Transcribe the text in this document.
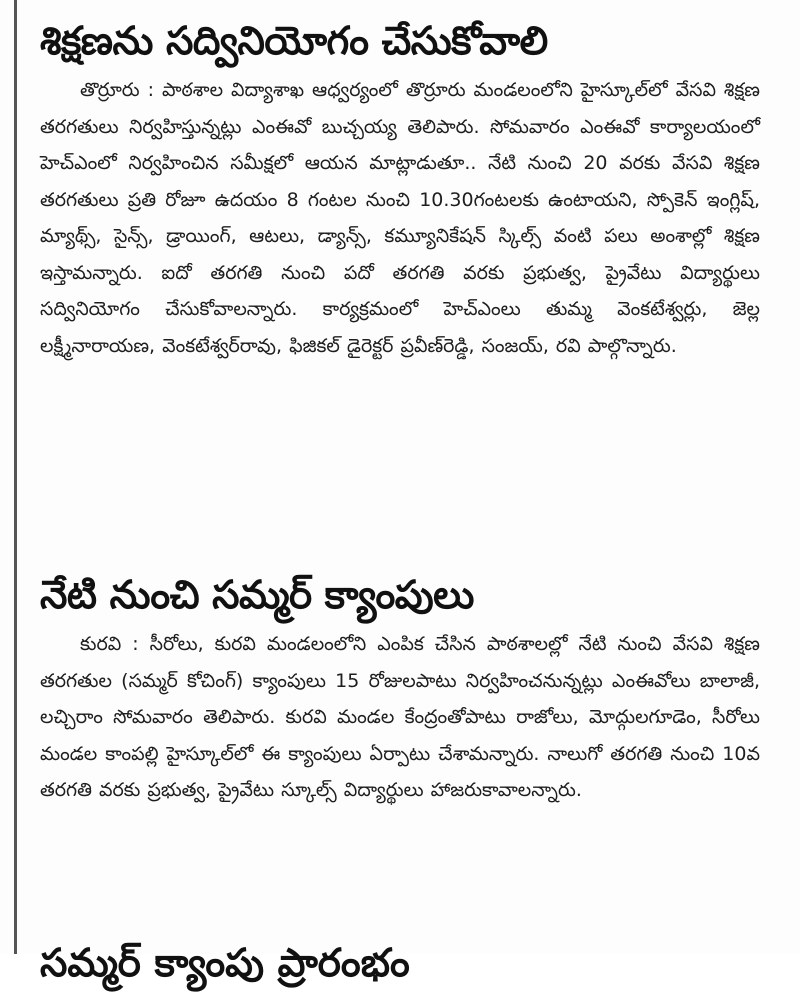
శిక్షణను సద్వినియోగం చేసుకోవాలి

తొర్రూరు : పాఠశాల విద్యాశాఖ ఆధ్వర్యంలో తొర్రూరు మండలంలోని హైస్కూల్‌లో వేసవి శిక్షణ తరగతులు నిర్వహిస్తున్నట్లు ఎంఈవో బుచ్చయ్య తెలిపారు. సోమవారం ఎంఈవో కార్యాలయంలో హెచ్ఎంలో నిర్వహించిన సమీక్షలో ఆయన మాట్లాడుతూ.. నేటి నుంచి 20 వరకు వేసవి శిక్షణ తరగతులు ప్రతి రోజూ ఉదయం 8 గంటల నుంచి 10.30గంటలకు ఉంటాయని, స్పోకెన్ ఇంగ్లిష్, మ్యాథ్స్, సైన్స్, డ్రాయింగ్, ఆటలు, డ్యాన్స్, కమ్యూనికేషన్ స్కిల్స్ వంటి పలు అంశాల్లో శిక్షణ ఇస్తామన్నారు. ఐదో తరగతి నుంచి పదో తరగతి వరకు ప్రభుత్వ, ప్రైవేటు విద్యార్థులు సద్వినియోగం చేసుకోవాలన్నారు. కార్యక్రమంలో హెచ్ఎంలు తుమ్మ వెంకటేశ్వర్లు, జెల్ల లక్ష్మీనారాయణ, వెంకటేశ్వర్‌రావు, ఫిజికల్ డైరెక్టర్ ప్రవీణ్‌రెడ్డి, సంజయ్, రవి పాల్గొన్నారు.

నేటి నుంచి సమ్మర్ క్యాంపులు

కురవి : సీరోలు, కురవి మండలంలోని ఎంపిక చేసిన పాఠశాలల్లో నేటి నుంచి వేసవి శిక్షణ తరగతుల (సమ్మర్ కోచింగ్) క్యాంపులు 15 రోజులపాటు నిర్వహించనున్నట్లు ఎంఈవోలు బాలాజీ, లచ్చిరాం సోమవారం తెలిపారు. కురవి మండల కేంద్రంతోపాటు రాజోలు, మోద్గులగూడెం, సీరోలు మండల కాంపల్లి హైస్కూల్‌లో ఈ క్యాంపులు ఏర్పాటు చేశామన్నారు. నాలుగో తరగతి నుంచి 10వ తరగతి వరకు ప్రభుత్వ, ప్రైవేటు స్కూల్స్ విద్యార్థులు హాజరుకావాలన్నారు.

సమ్మర్ క్యాంపు ప్రారంభం
